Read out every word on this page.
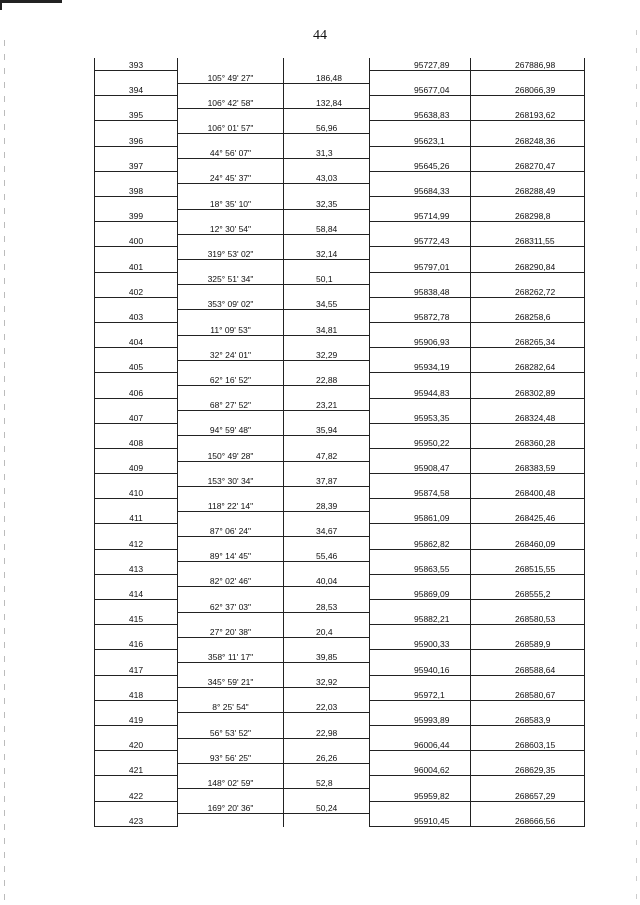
44
393			95727,89	267886,98
	105° 49' 27"	186,48		
394			95677,04	268066,39
	106° 42' 58"	132,84		
395			95638,83	268193,62
	106° 01' 57"	56,96		
396			95623,1	268248,36
	44° 56' 07"	31,3		
397			95645,26	268270,47
	24° 45' 37"	43,03		
398			95684,33	268288,49
	18° 35' 10"	32,35		
399			95714,99	268298,8
	12° 30' 54"	58,84		
400			95772,43	268311,55
	319° 53' 02"	32,14		
401			95797,01	268290,84
	325° 51' 34"	50,1		
402			95838,48	268262,72
	353° 09' 02"	34,55		
403			95872,78	268258,6
	11° 09' 53"	34,81		
404			95906,93	268265,34
	32° 24' 01"	32,29		
405			95934,19	268282,64
	62° 16' 52"	22,88		
406			95944,83	268302,89
	68° 27' 52"	23,21		
407			95953,35	268324,48
	94° 59' 48"	35,94		
408			95950,22	268360,28
	150° 49' 28"	47,82		
409			95908,47	268383,59
	153° 30' 34"	37,87		
410			95874,58	268400,48
	118° 22' 14"	28,39		
411			95861,09	268425,46
	87° 06' 24"	34,67		
412			95862,82	268460,09
	89° 14' 45"	55,46		
413			95863,55	268515,55
	82° 02' 46"	40,04		
414			95869,09	268555,2
	62° 37' 03"	28,53		
415			95882,21	268580,53
	27° 20' 38"	20,4		
416			95900,33	268589,9
	358° 11' 17"	39,85		
417			95940,16	268588,64
	345° 59' 21"	32,92		
418			95972,1	268580,67
	8° 25' 54"	22,03		
419			95993,89	268583,9
	56° 53' 52"	22,98		
420			96006,44	268603,15
	93° 56' 25"	26,26		
421			96004,62	268629,35
	148° 02' 59"	52,8		
422			95959,82	268657,29
	169° 20' 36"	50,24		
423			95910,45	268666,56
